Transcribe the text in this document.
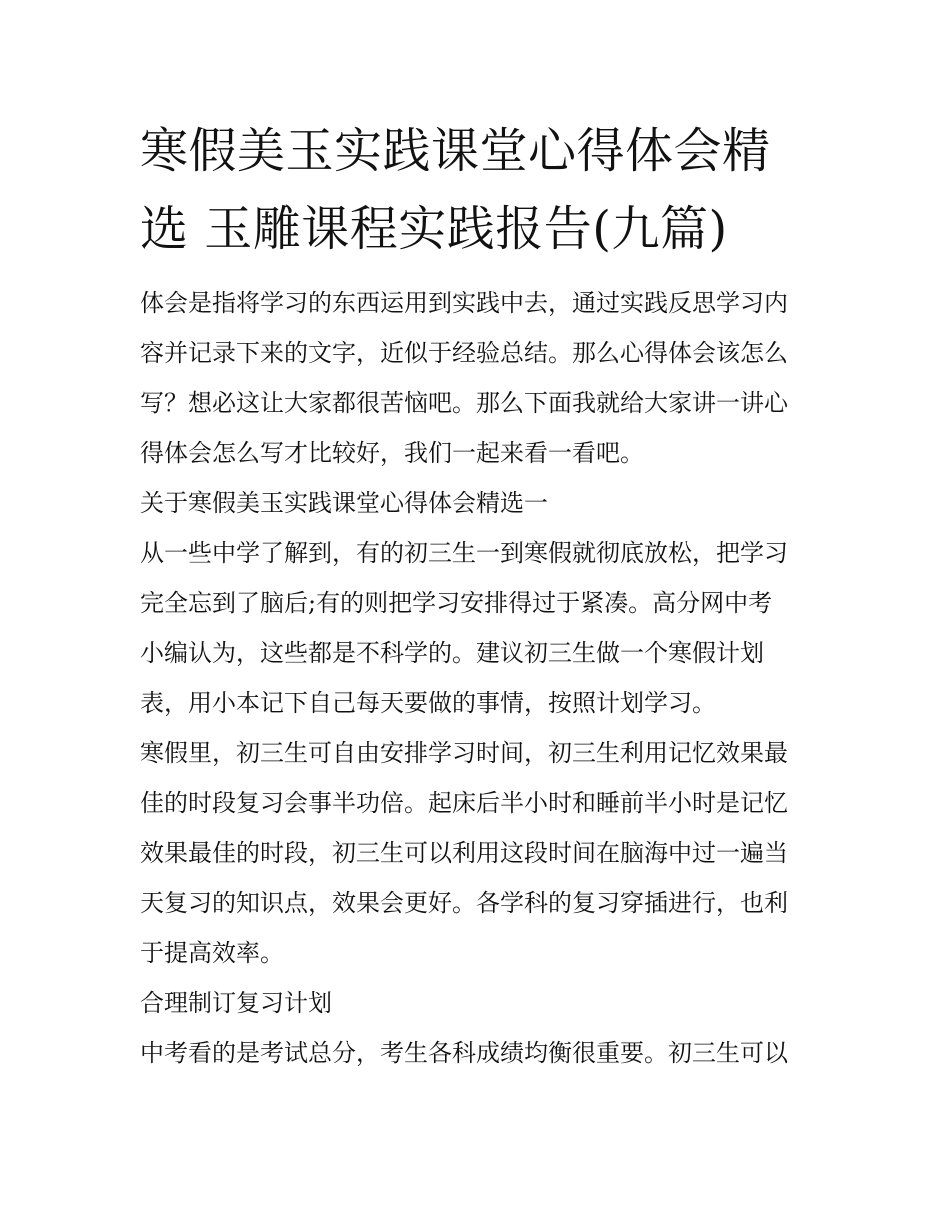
寒假美玉实践课堂心得体会精
选 玉雕课程实践报告(九篇)

体会是指将学习的东西运用到实践中去，通过实践反思学习内
容并记录下来的文字，近似于经验总结。那么心得体会该怎么
写？想必这让大家都很苦恼吧。那么下面我就给大家讲一讲心
得体会怎么写才比较好，我们一起来看一看吧。

关于寒假美玉实践课堂心得体会精选一

从一些中学了解到，有的初三生一到寒假就彻底放松，把学习
完全忘到了脑后;有的则把学习安排得过于紧凑。高分网中考
小编认为，这些都是不科学的。建议初三生做一个寒假计划
表，用小本记下自己每天要做的事情，按照计划学习。

寒假里，初三生可自由安排学习时间，初三生利用记忆效果最
佳的时段复习会事半功倍。起床后半小时和睡前半小时是记忆
效果最佳的时段，初三生可以利用这段时间在脑海中过一遍当
天复习的知识点，效果会更好。各学科的复习穿插进行，也利
于提高效率。

合理制订复习计划

中考看的是考试总分，考生各科成绩均衡很重要。初三生可以
